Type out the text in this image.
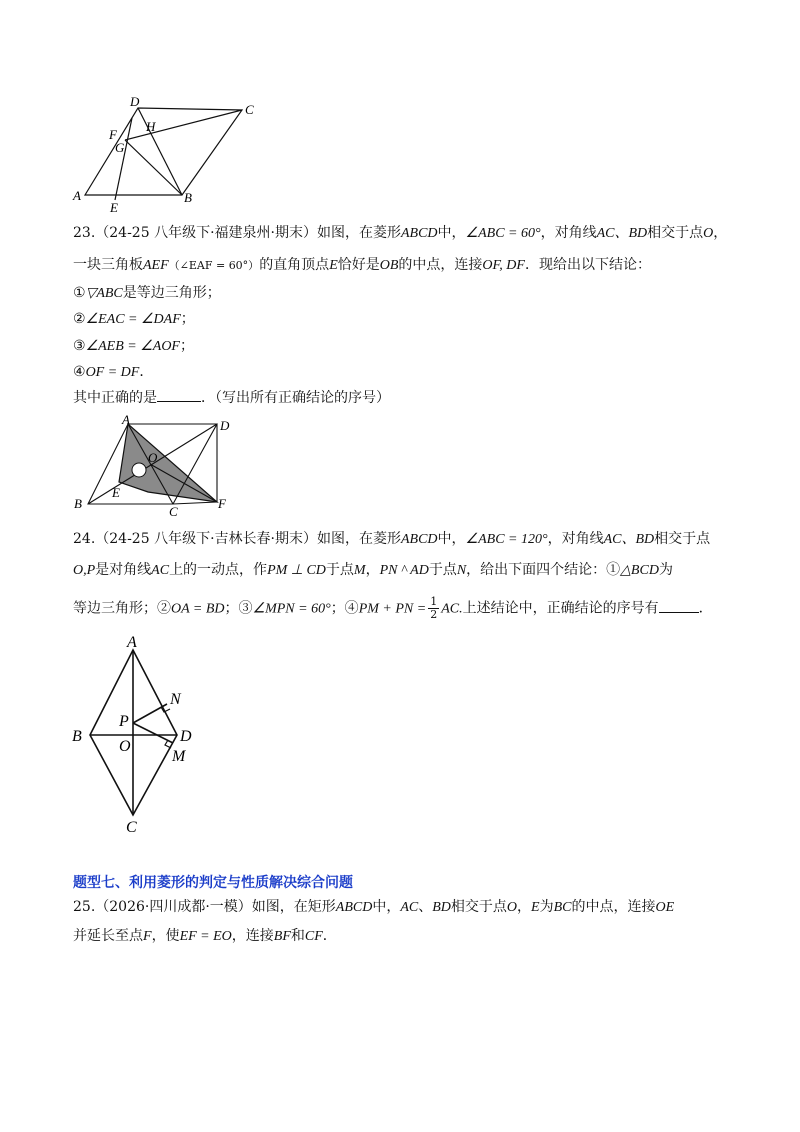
D
C
F
H
G
A
E
B
23.（24-25 八年级下·福建泉州·期末）如图，在菱形ABCD中，∠ABC = 60°，对角线AC、BD相交于点O，
一块三角板AEF（∠EAF = 60°）的直角顶点E恰好是OB的中点，连接OF, DF．现给出以下结论：
①▽ABC是等边三角形；
②∠EAC = ∠DAF；
③∠AEB = ∠AOF；
④OF = DF．
其中正确的是	．（写出所有正确结论的序号）
A	D
O
E
B
C
F
24.（24-25 八年级下·吉林长春·期末）如图，在菱形ABCD中，∠ABC = 120°，对角线AC、BD相交于点
O,P是对角线AC上的一动点，作PM ⊥ CD于点M，PN ^ AD于点N，给出下面四个结论：①△BCD为
等边三角形；②OA = BD；③∠MPN = 60°；④PM + PN = $\frac{1}{2}$ AC.上述结论中，正确结论的序号有	．
A
N
P
B
O
D
M
C
题型七、利用菱形的判定与性质解决综合问题
25.（2026·四川成都·一模）如图，在矩形ABCD中，AC、BD相交于点O，E为BC的中点，连接OE
并延长至点F，使EF = EO，连接BF和CF．
